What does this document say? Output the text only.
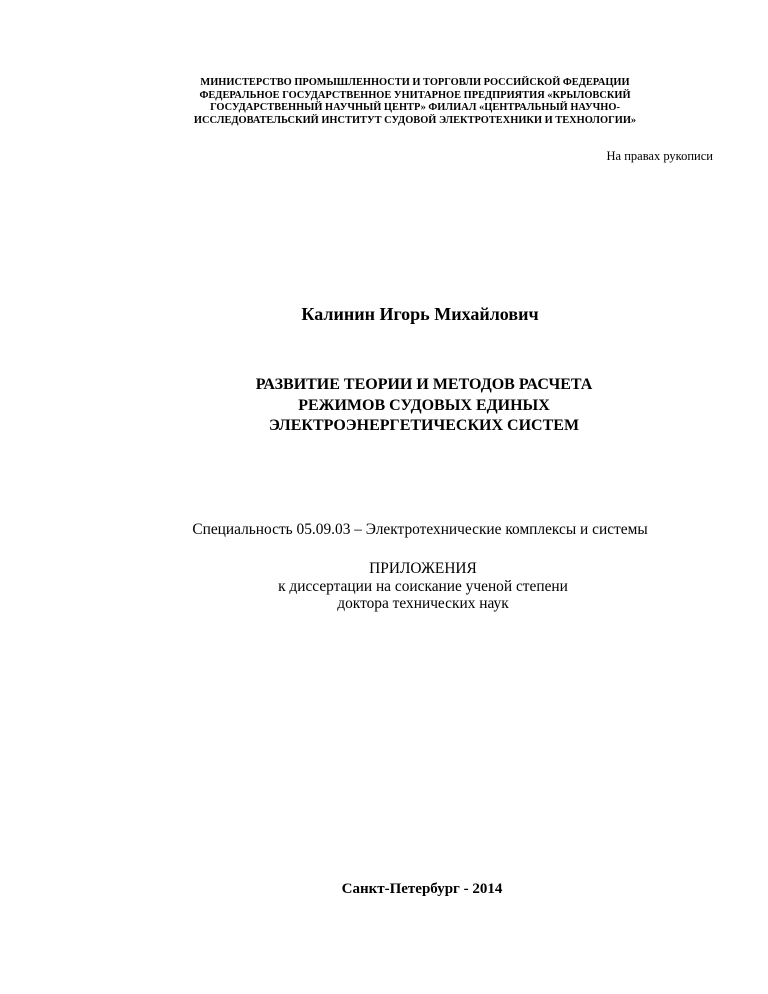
МИНИСТЕРСТВО ПРОМЫШЛЕННОСТИ И ТОРГОВЛИ РОССИЙСКОЙ ФЕДЕРАЦИИ
ФЕДЕРАЛЬНОЕ ГОСУДАРСТВЕННОЕ УНИТАРНОЕ ПРЕДПРИЯТИЯ «КРЫЛОВСКИЙ
ГОСУДАРСТВЕННЫЙ НАУЧНЫЙ ЦЕНТР» ФИЛИАЛ «ЦЕНТРАЛЬНЫЙ НАУЧНО-
ИССЛЕДОВАТЕЛЬСКИЙ ИНСТИТУТ СУДОВОЙ ЭЛЕКТРОТЕХНИКИ И ТЕХНОЛОГИИ»
На правах рукописи
Калинин Игорь Михайлович
РАЗВИТИЕ ТЕОРИИ И МЕТОДОВ РАСЧЕТА
РЕЖИМОВ СУДОВЫХ ЕДИНЫХ
ЭЛЕКТРОЭНЕРГЕТИЧЕСКИХ СИСТЕМ
Специальность 05.09.03 – Электротехнические комплексы и системы
ПРИЛОЖЕНИЯ
к диссертации на соискание ученой степени
доктора технических наук
Санкт-Петербург - 2014
